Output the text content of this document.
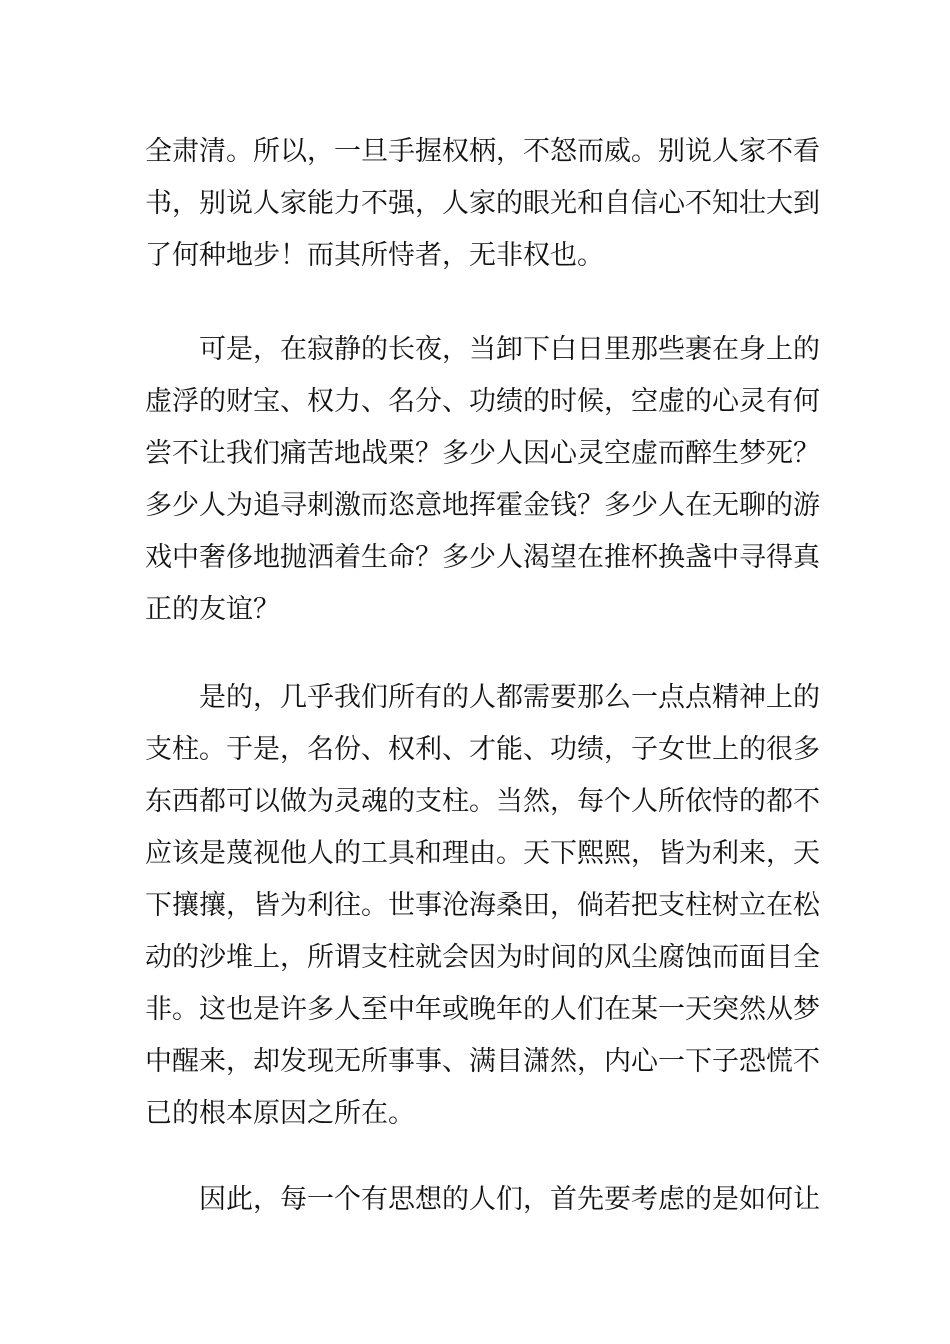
全肃清。所以，一旦手握权柄，不怒而威。别说人家不看
书，别说人家能力不强，人家的眼光和自信心不知壮大到
了何种地步！而其所恃者，无非权也。

可是，在寂静的长夜，当卸下白日里那些裹在身上的
虚浮的财宝、权力、名分、功绩的时候，空虚的心灵有何
尝不让我们痛苦地战栗？多少人因心灵空虚而醉生梦死？
多少人为追寻刺激而恣意地挥霍金钱？多少人在无聊的游
戏中奢侈地抛洒着生命？多少人渴望在推杯换盏中寻得真
正的友谊？

是的，几乎我们所有的人都需要那么一点点精神上的
支柱。于是，名份、权利、才能、功绩，子女世上的很多
东西都可以做为灵魂的支柱。当然，每个人所依恃的都不
应该是蔑视他人的工具和理由。天下熙熙，皆为利来，天
下攘攘，皆为利往。世事沧海桑田，倘若把支柱树立在松
动的沙堆上，所谓支柱就会因为时间的风尘腐蚀而面目全
非。这也是许多人至中年或晚年的人们在某一天突然从梦
中醒来，却发现无所事事、满目潇然，内心一下子恐慌不
已的根本原因之所在。

因此，每一个有思想的人们，首先要考虑的是如何让
